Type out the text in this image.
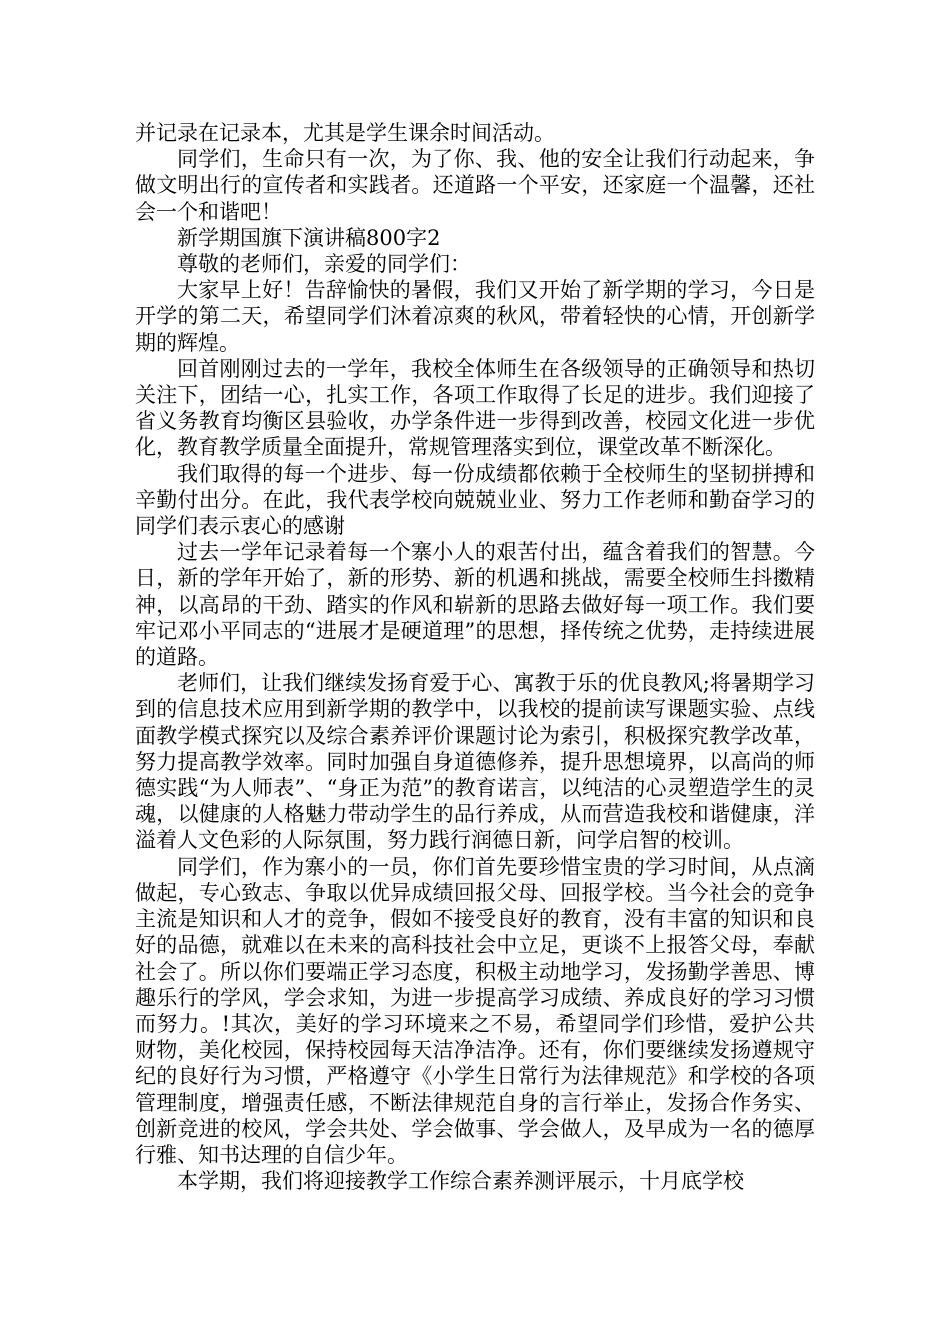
并记录在记录本，尤其是学生课余时间活动。

同学们，生命只有一次，为了你、我、他的安全让我们行动起来，争做文明出行的宣传者和实践者。还道路一个平安，还家庭一个温馨，还社会一个和谐吧！

新学期国旗下演讲稿800字2

尊敬的老师们，亲爱的同学们：

大家早上好！告辞愉快的暑假，我们又开始了新学期的学习，今日是开学的第二天，希望同学们沐着凉爽的秋风，带着轻快的心情，开创新学期的辉煌。

回首刚刚过去的一学年，我校全体师生在各级领导的正确领导和热切关注下，团结一心，扎实工作，各项工作取得了长足的进步。我们迎接了省义务教育均衡区县验收，办学条件进一步得到改善，校园文化进一步优化，教育教学质量全面提升，常规管理落实到位，课堂改革不断深化。

我们取得的每一个进步、每一份成绩都依赖于全校师生的坚韧拼搏和辛勤付出分。在此，我代表学校向兢兢业业、努力工作老师和勤奋学习的同学们表示衷心的感谢

过去一学年记录着每一个寨小人的艰苦付出，蕴含着我们的智慧。今日，新的学年开始了，新的形势、新的机遇和挑战，需要全校师生抖擞精神，以高昂的干劲、踏实的作风和崭新的思路去做好每一项工作。我们要牢记邓小平同志的“进展才是硬道理”的思想，择传统之优势，走持续进展的道路。

老师们，让我们继续发扬育爱于心、寓教于乐的优良教风;将暑期学习到的信息技术应用到新学期的教学中，以我校的提前读写课题实验、点线面教学模式探究以及综合素养评价课题讨论为索引，积极探究教学改革，努力提高教学效率。同时加强自身道德修养，提升思想境界，以高尚的师德实践“为人师表”、“身正为范”的教育诺言，以纯洁的心灵塑造学生的灵魂，以健康的人格魅力带动学生的品行养成，从而营造我校和谐健康，洋溢着人文色彩的人际氛围，努力践行润德日新，问学启智的校训。

同学们，作为寨小的一员，你们首先要珍惜宝贵的学习时间，从点滴做起，专心致志、争取以优异成绩回报父母、回报学校。当今社会的竞争主流是知识和人才的竞争，假如不接受良好的教育，没有丰富的知识和良好的品德，就难以在未来的高科技社会中立足，更谈不上报答父母，奉献社会了。所以你们要端正学习态度，积极主动地学习，发扬勤学善思、博趣乐行的学风，学会求知，为进一步提高学习成绩、养成良好的学习习惯而努力。!其次，美好的学习环境来之不易，希望同学们珍惜，爱护公共财物，美化校园，保持校园每天洁净洁净。还有，你们要继续发扬遵规守纪的良好行为习惯，严格遵守《小学生日常行为法律规范》和学校的各项管理制度，增强责任感，不断法律规范自身的言行举止，发扬合作务实、创新竞进的校风，学会共处、学会做事、学会做人，及早成为一名的德厚行雅、知书达理的自信少年。

本学期，我们将迎接教学工作综合素养测评展示，十月底学校
